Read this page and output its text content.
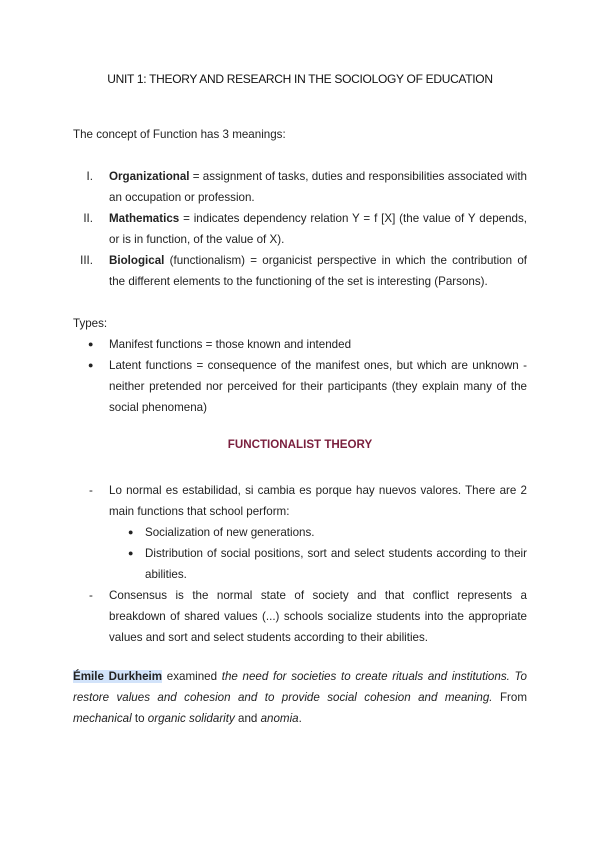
UNIT 1: THEORY AND RESEARCH IN THE SOCIOLOGY OF EDUCATION
The concept of Function has 3 meanings:
I. Organizational = assignment of tasks, duties and responsibilities associated with an occupation or profession.
II. Mathematics = indicates dependency relation Y = f [X] (the value of Y depends, or is in function, of the value of X).
III. Biological (functionalism) = organicist perspective in which the contribution of the different elements to the functioning of the set is interesting (Parsons).
Types:
● Manifest functions = those known and intended
● Latent functions = consequence of the manifest ones, but which are unknown - neither pretended nor perceived for their participants (they explain many of the social phenomena)
FUNCTIONALIST THEORY
- Lo normal es estabilidad, si cambia es porque hay nuevos valores. There are 2 main functions that school perform:
● Socialization of new generations.
● Distribution of social positions, sort and select students according to their abilities.
- Consensus is the normal state of society and that conflict represents a breakdown of shared values (...) schools socialize students into the appropriate values and sort and select students according to their abilities.
Émile Durkheim examined the need for societies to create rituals and institutions. To restore values and cohesion and to provide social cohesion and meaning. From mechanical to organic solidarity and anomia.
